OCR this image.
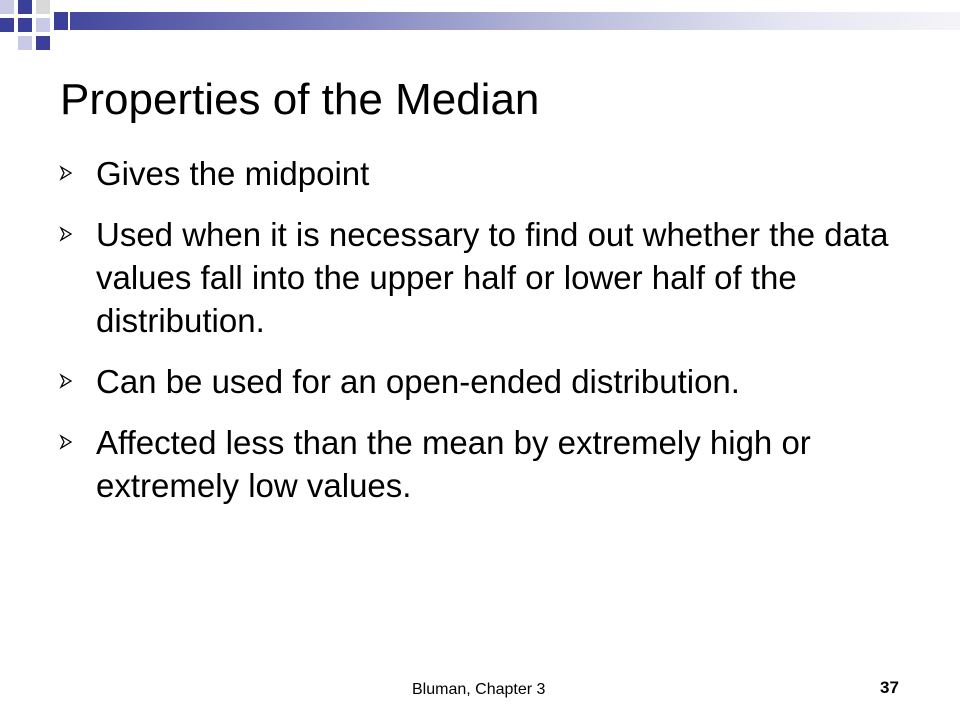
Properties of the Median
Gives the midpoint
Used when it is necessary to find out whether the data values fall into the upper half or lower half of the distribution.
Can be used for an open-ended distribution.
Affected less than the mean by extremely high or extremely low values.
Bluman, Chapter 3	37
